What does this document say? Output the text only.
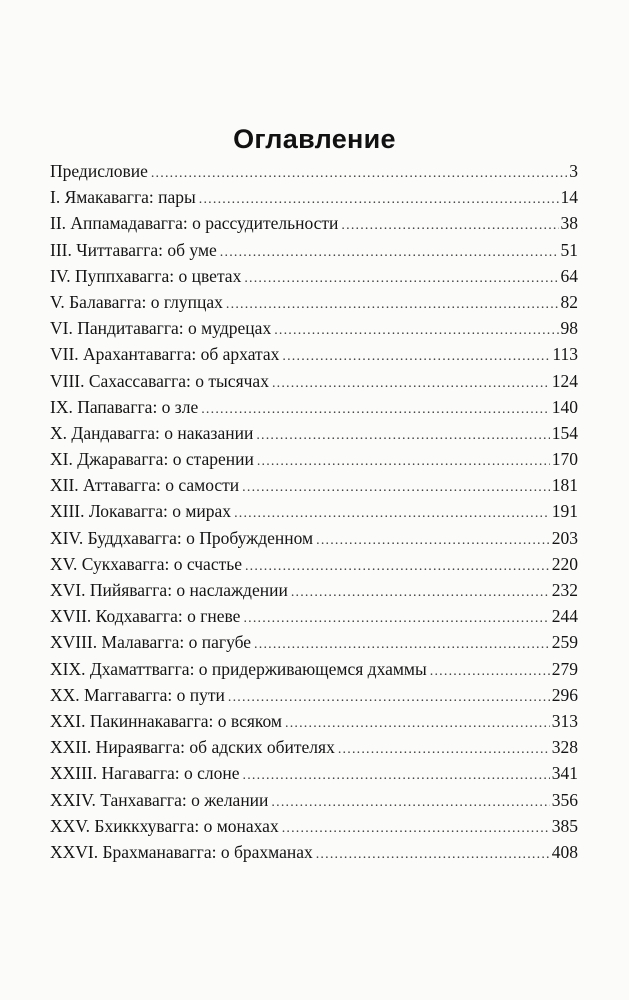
Оглавление
Предисловие .....	3
I. Ямакавагга: пары .....	14
II. Аппамадавагга: о рассудительности .....	38
III. Читтавагга: об уме .....	51
IV. Пуппхавагга: о цветах .....	64
V. Балавагга: о глупцах .....	82
VI. Пандитавагга: о мудрецах .....	98
VII. Арахантавагга: об архатах .....	113
VIII. Сахассавагга: о тысячах .....	124
IX. Папавагга: о зле .....	140
X. Дандавагга: о наказании .....	154
XI. Джаравагга: о старении .....	170
XII. Аттавагга: о самости .....	181
XIII. Локавагга: о мирах .....	191
XIV. Буддхавагга: о Пробужденном .....	203
XV. Сукхавагга: о счастье .....	220
XVI. Пийявагга: о наслаждении .....	232
XVII. Кодхавагга: о гневе .....	244
XVIII. Малавагга: о пагубе .....	259
XIX. Дхаматтвагга: о придерживающемся дхаммы .....	279
XX. Маггавагга: о пути .....	296
XXI. Пакиннакавагга: о всяком .....	313
XXII. Нираявагга: об адских обителях .....	328
XXIII. Нагавагга: о слоне .....	341
XXIV. Танхавагга: о желании .....	356
XXV. Бхиккхувагга: о монахах .....	385
XXVI. Брахманавагга: о брахманах .....	408
